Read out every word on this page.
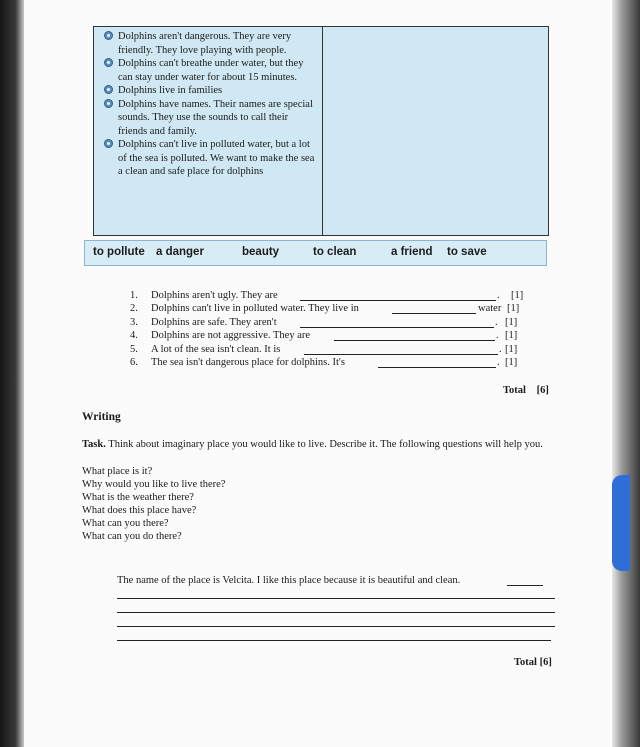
Dolphins aren't dangerous. They are very friendly. They love playing with people.
Dolphins can't breathe under water, but they can stay under water for about 15 minutes.
Dolphins live in families
Dolphins have names. Their names are special sounds. They use the sounds to call their friends and family.
Dolphins can't live in polluted water, but a lot of the sea is polluted. We want to make the sea a clean and safe place for dolphins
to pollute a danger	beauty	to clean	a friend to save
1. Dolphins aren't ugly. They are	. [1]
2. Dolphins can't live in polluted water. They live in	water [1]
3. Dolphins are safe. They aren't	. [1]
4. Dolphins are not aggressive. They are	. [1]
5. A lot of the sea isn't clean. It is	. [1]
6. The sea isn't dangerous place for dolphins. It's	. [1]
Total [6]
Writing
Task. Think about imaginary place you would like to live. Describe it. The following questions will help you.
What place is it?
Why would you like to live there?
What is the weather there?
What does this place have?
What can you there?
What can you do there?
The name of the place is Velcita. I like this place because it is beautiful and clean.
Total [6]
